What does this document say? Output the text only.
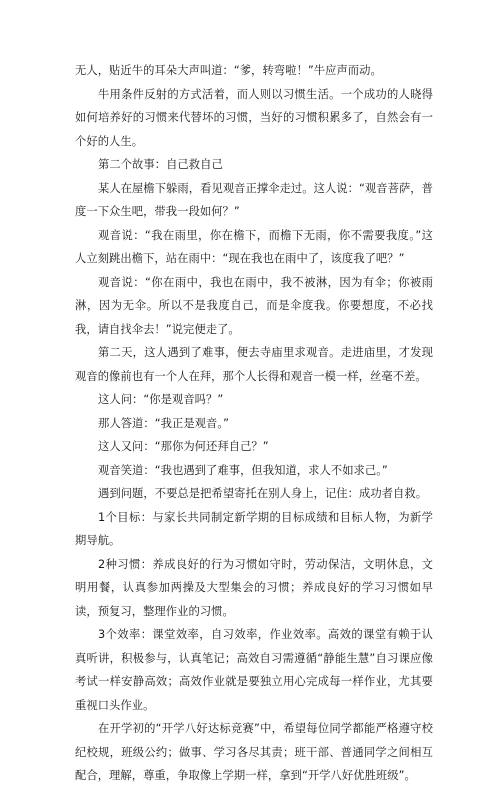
无人，贴近牛的耳朵大声叫道：“爹，转弯啦！”牛应声而动。

牛用条件反射的方式活着，而人则以习惯生活。一个成功的人晓得如何培养好的习惯来代替坏的习惯，当好的习惯积累多了，自然会有一个好的人生。

第二个故事：自己救自己

某人在屋檐下躲雨，看见观音正撑伞走过。这人说：“观音菩萨，普度一下众生吧，带我一段如何？”

观音说：“我在雨里，你在檐下，而檐下无雨，你不需要我度。”这人立刻跳出檐下，站在雨中：“现在我也在雨中了，该度我了吧？”

观音说：“你在雨中，我也在雨中，我不被淋，因为有伞；你被雨淋，因为无伞。所以不是我度自己，而是伞度我。你要想度，不必找我，请自找伞去！”说完便走了。

第二天，这人遇到了难事，便去寺庙里求观音。走进庙里，才发现观音的像前也有一个人在拜，那个人长得和观音一模一样，丝毫不差。

这人问：“你是观音吗？”

那人答道：“我正是观音。”

这人又问：“那你为何还拜自己？”

观音笑道：“我也遇到了难事，但我知道，求人不如求己。”

遇到问题，不要总是把希望寄托在别人身上，记住：成功者自救。

1个目标：与家长共同制定新学期的目标成绩和目标人物，为新学期导航。

2种习惯：养成良好的行为习惯如守时，劳动保洁，文明休息，文明用餐，认真参加两操及大型集会的习惯；养成良好的学习习惯如早读，预复习，整理作业的习惯。

3个效率：课堂效率，自习效率，作业效率。高效的课堂有赖于认真听讲，积极参与，认真笔记；高效自习需遵循“静能生慧”自习课应像考试一样安静高效；高效作业就是要独立用心完成每一样作业，尤其要重视口头作业。

在开学初的“开学八好达标竞赛”中，希望每位同学都能严格遵守校纪校规，班级公约；做事、学习各尽其责；班干部、普通同学之间相互配合，理解，尊重，争取像上学期一样，拿到“开学八好优胜班级”。
